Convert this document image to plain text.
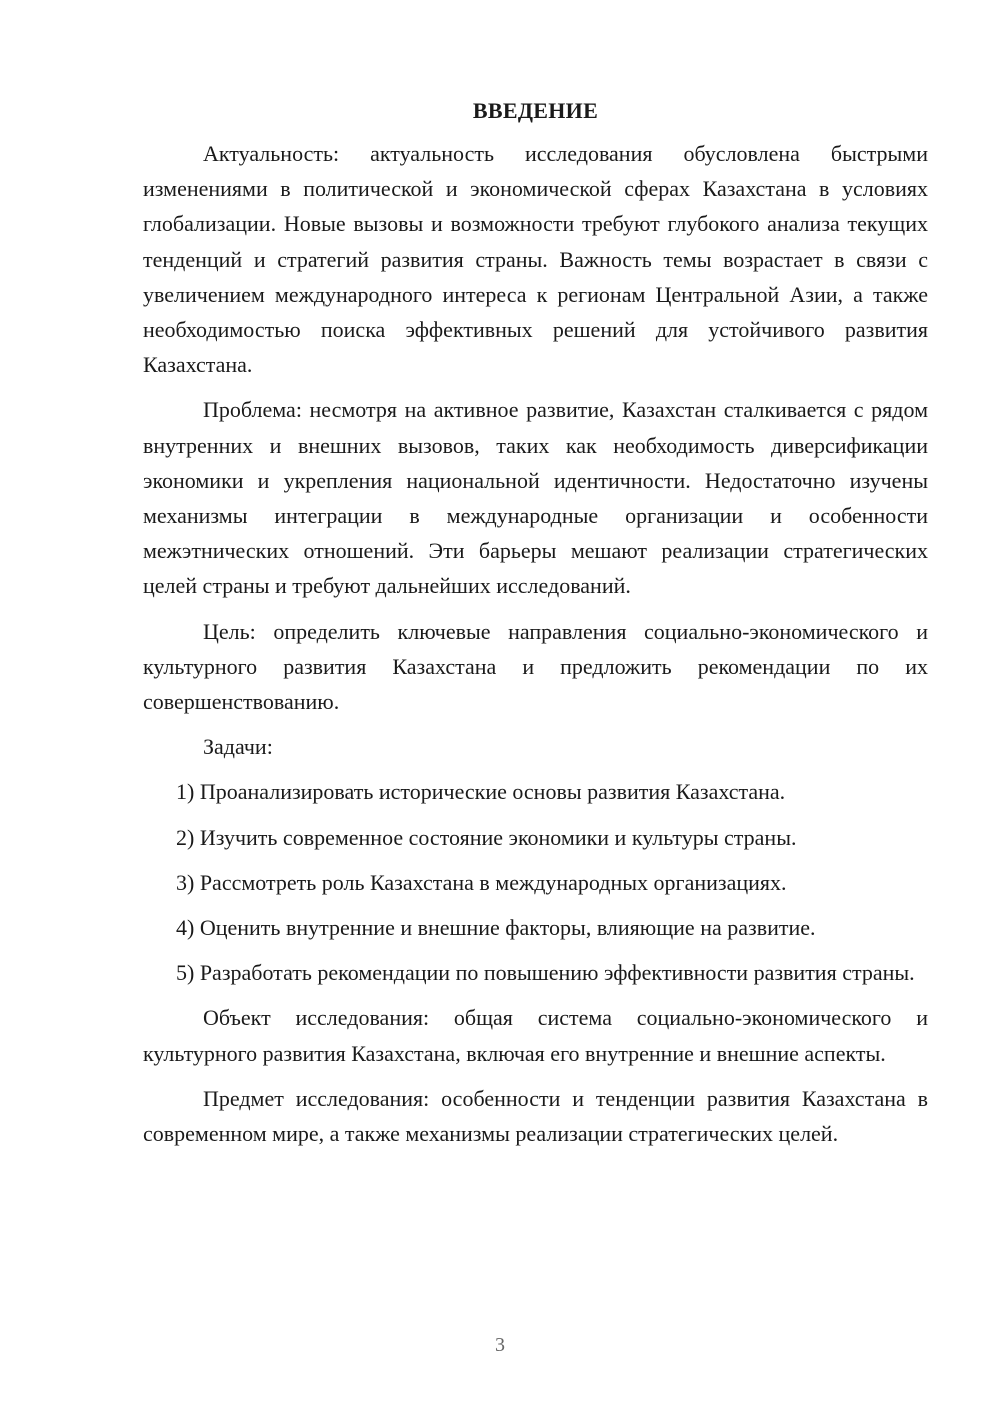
ВВЕДЕНИЕ

Актуальность: актуальность исследования обусловлена быстрыми изменениями в политической и экономической сферах Казахстана в условиях глобализации. Новые вызовы и возможности требуют глубокого анализа текущих тенденций и стратегий развития страны. Важность темы возрастает в связи с увеличением международного интереса к регионам Центральной Азии, а также необходимостью поиска эффективных решений для устойчивого развития Казахстана.

Проблема: несмотря на активное развитие, Казахстан сталкивается с рядом внутренних и внешних вызовов, таких как необходимость диверсификации экономики и укрепления национальной идентичности. Недостаточно изучены механизмы интеграции в международные организации и особенности межэтнических отношений. Эти барьеры мешают реализации стратегических целей страны и требуют дальнейших исследований.

Цель: определить ключевые направления социально-экономического и культурного развития Казахстана и предложить рекомендации по их совершенствованию.

Задачи:

1) Проанализировать исторические основы развития Казахстана.

2) Изучить современное состояние экономики и культуры страны.

3) Рассмотреть роль Казахстана в международных организациях.

4) Оценить внутренние и внешние факторы, влияющие на развитие.

5) Разработать рекомендации по повышению эффективности развития страны.

Объект исследования: общая система социально-экономического и культурного развития Казахстана, включая его внутренние и внешние аспекты.

Предмет исследования: особенности и тенденции развития Казахстана в современном мире, а также механизмы реализации стратегических целей.

3
